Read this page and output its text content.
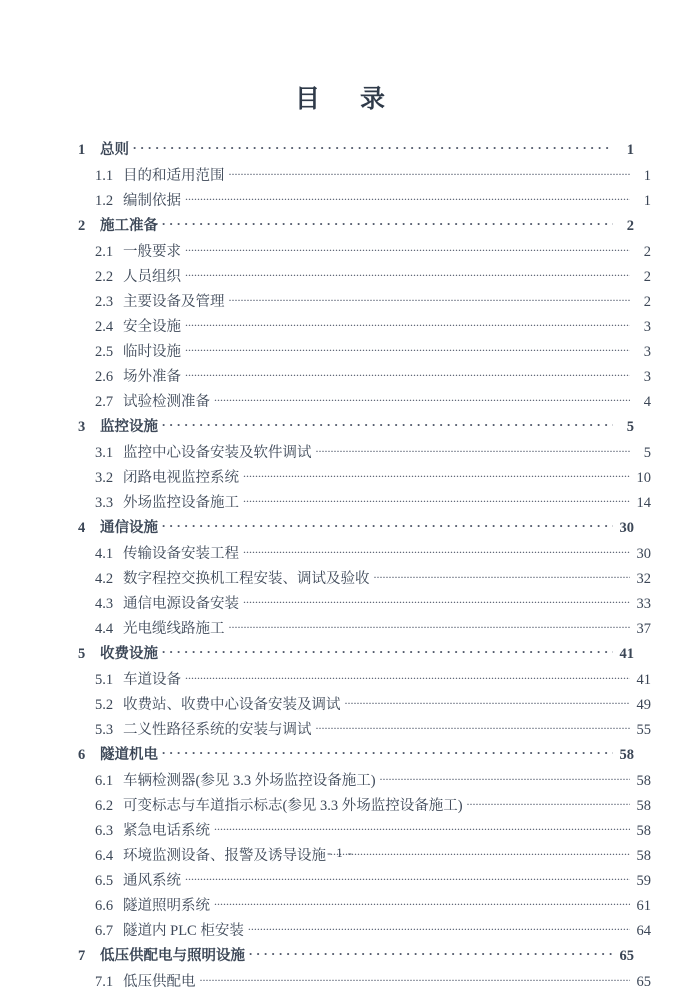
目　录
1	总则 . . .	1
1.1 目的和适用范围 .....	1
1.2 编制依据 .....	1
2	施工准备 . . .	2
2.1 一般要求 .....	2
2.2 人员组织 .....	2
2.3 主要设备及管理 .....	2
2.4 安全设施 .....	3
2.5 临时设施 .....	3
2.6 场外准备 .....	3
2.7 试验检测准备 .....	4
3	监控设施 . . .	5
3.1 监控中心设备安装及软件调试 .....	5
3.2 闭路电视监控系统 .....	10
3.3 外场监控设备施工 .....	14
4	通信设施 . . .	30
4.1 传输设备安装工程 .....	30
4.2 数字程控交换机工程安装、调试及验收 .....	32
4.3 通信电源设备安装 .....	33
4.4 光电缆线路施工 .....	37
5	收费设施 . . .	41
5.1 车道设备 .....	41
5.2 收费站、收费中心设备安装及调试 .....	49
5.3 二义性路径系统的安装与调试 .....	55
6	隧道机电 . . .	58
6.1 车辆检测器(参见 3.3 外场监控设备施工) .....	58
6.2 可变标志与车道指示标志(参见 3.3 外场监控设备施工) .....	58
6.3 紧急电话系统 .....	58
6.4 环境监测设备、报警及诱导设施 .....	58
6.5 通风系统 .....	59
6.6 隧道照明系统 .....	61
6.7 隧道内 PLC 柜安装 .....	64
7	低压供配电与照明设施 . . .	65
7.1 低压供配电 .....	65
- 1 -
